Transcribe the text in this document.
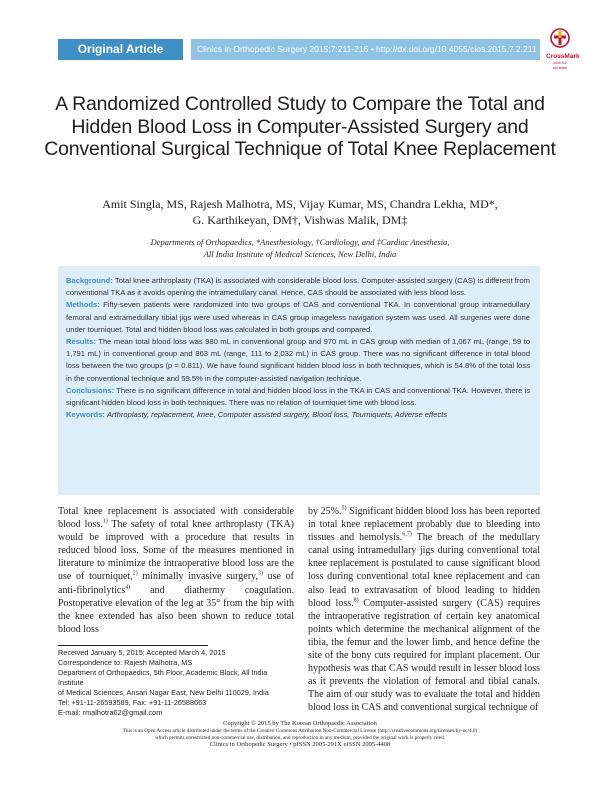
Original Article	Clinics in Orthopedic Surgery 2015;7:211-216 • http://dx.doi.org/10.4055/cios.2015.7.2.211
CrossMark
click for updates
A Randomized Controlled Study to Compare the Total and Hidden Blood Loss in Computer-Assisted Surgery and Conventional Surgical Technique of Total Knee Replacement
Amit Singla, MS, Rajesh Malhotra, MS, Vijay Kumar, MS, Chandra Lekha, MD*,
G. Karthikeyan, DM†, Vishwas Malik, DM‡
Departments of Orthopaedics, *Anesthesiology, †Cardiology, and ‡Cardiac Anesthesia,
All India Institute of Medical Sciences, New Delhi, India

Background: Total knee arthroplasty (TKA) is associated with considerable blood loss. Computer-assisted surgery (CAS) is different from conventional TKA as it avoids opening the intramedullary canal. Hence, CAS should be associated with less blood loss.

Methods: Fifty-seven patients were randomized into two groups of CAS and conventional TKA. In conventional group intramedullary femoral and extramedullary tibial jigs were used whereas in CAS group imageless navigation system was used. All surgeries were done under tourniquet. Total and hidden blood loss was calculated in both groups and compared.

Results: The mean total blood loss was 980 mL in conventional group and 970 mL in CAS group with median of 1,067 mL (range, 59 to 1,791 mL) in conventional group and 863 mL (range, 111 to 2,032 mL) in CAS group. There was no significant difference in total blood loss between the two groups (p = 0.811). We have found significant hidden blood loss in both techniques, which is 54.8% of the total loss in the conventional technique and 59.5% in the computer-assisted navigation technique.

Conclusions: There is no significant difference in total and hidden blood loss in the TKA in CAS and conventional TKA. However, there is significant hidden blood loss in both techniques. There was no relation of tourniquet time with blood loss.

Keywords: Arthroplasty, replacement, knee, Computer assisted surgery, Blood loss, Tourniquets, Adverse effects

Total knee replacement is associated with considerable blood loss.$^{1)}$ The safety of total knee arthroplasty (TKA) would be improved with a procedure that results in reduced blood loss. Some of the measures mentioned in literature to minimize the intraoperative blood loss are the use of tourniquet,$^{2)}$ minimally invasive surgery,$^{3)}$ use of anti-fibrinolytics$^{4)}$ and diathermy coagulation. Postoperative elevation of the leg at 35° from the hip with the knee extended has also been shown to reduce total blood loss
by 25%.$^{5)}$ Significant hidden blood loss has been reported in total knee replacement probably due to bleeding into tissues and hemolysis.$^{6,7)}$ The breach of the medullary canal using intramedullary jigs during conventional total knee replacement is postulated to cause significant blood loss during conventional total knee replacement and can also lead to extravasation of blood leading to hidden blood loss.$^{8)}$ Computer-assisted surgery (CAS) requires the intraoperative registration of certain key anatomical points which determine the mechanical alignment of the tibia, the femur and the lower limb, and hence define the site of the bony cuts required for implant placement. Our hypothesis was that CAS would result in lesser blood loss as it prevents the violation of femoral and tibial canals. The aim of our study was to evaluate the total and hidden blood loss in CAS and conventional surgical technique of

Received January 5, 2015; Accepted March 4, 2015

Correspondence to: Rajesh Malhotra, MS

Department of Orthopaedics, 5th Floor, Academic Block, All India Institute

of Medical Sciences, Ansari Nagar East, New Delhi 110029, India

Tel: +91-11-26593589, Fax: +91-11-26588663

E-mail: rmalhotra62@gmail.com

Copyright © 2015 by The Korean Orthopaedic Association
This is an Open Access article distributed under the terms of the Creative Commons Attribution Non-Commercial License (http://creativecommons.org/licenses/by-nc/4.0)
which permits unrestricted non-commercial use, distribution, and reproduction in any medium, provided the original work is properly cited.
Clinics in Orthopedic Surgery • pISSN 2005-291X eISSN 2005-4408
